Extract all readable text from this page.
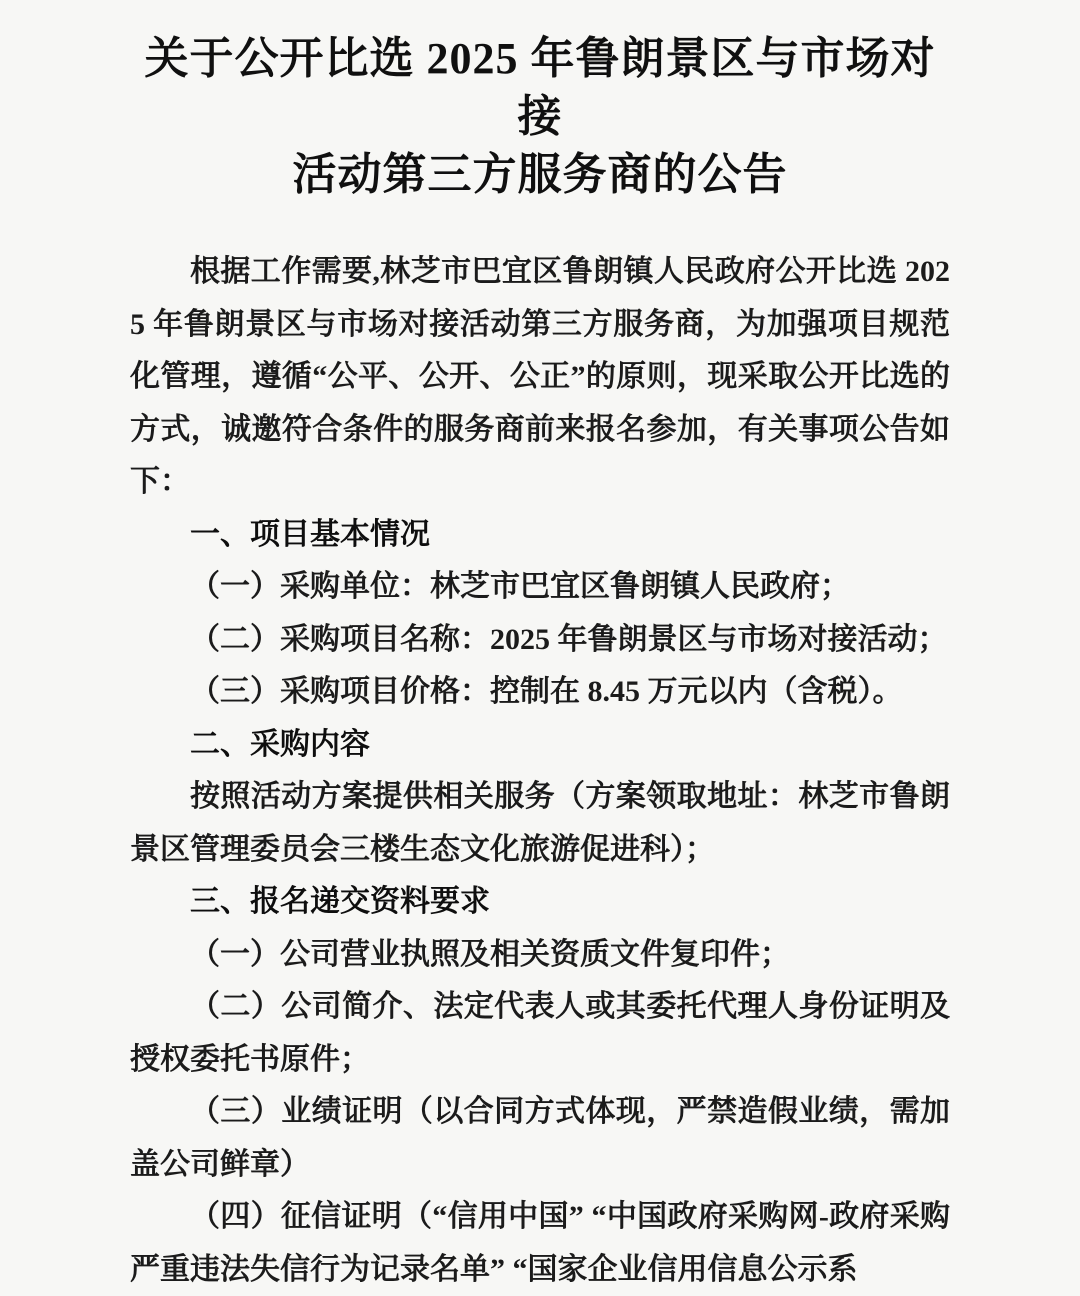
关于公开比选 2025 年鲁朗景区与市场对接
活动第三方服务商的公告

根据工作需要,林芝市巴宜区鲁朗镇人民政府公开比选 2025 年鲁朗景区与市场对接活动第三方服务商，为加强项目规范化管理，遵循“公平、公开、公正”的原则，现采取公开比选的方式，诚邀符合条件的服务商前来报名参加，有关事项公告如下：

一、项目基本情况

（一）采购单位：林芝市巴宜区鲁朗镇人民政府；

（二）采购项目名称：2025 年鲁朗景区与市场对接活动；

（三）采购项目价格：控制在 8.45 万元以内（含税）。

二、采购内容

按照活动方案提供相关服务（方案领取地址：林芝市鲁朗景区管理委员会三楼生态文化旅游促进科）；

三、报名递交资料要求

（一）公司营业执照及相关资质文件复印件；

（二）公司简介、法定代表人或其委托代理人身份证明及授权委托书原件；

（三）业绩证明（以合同方式体现，严禁造假业绩，需加盖公司鲜章）

（四）征信证明（“信用中国” “中国政府采购网-政府采购严重违法失信行为记录名单” “国家企业信用信息公示系
